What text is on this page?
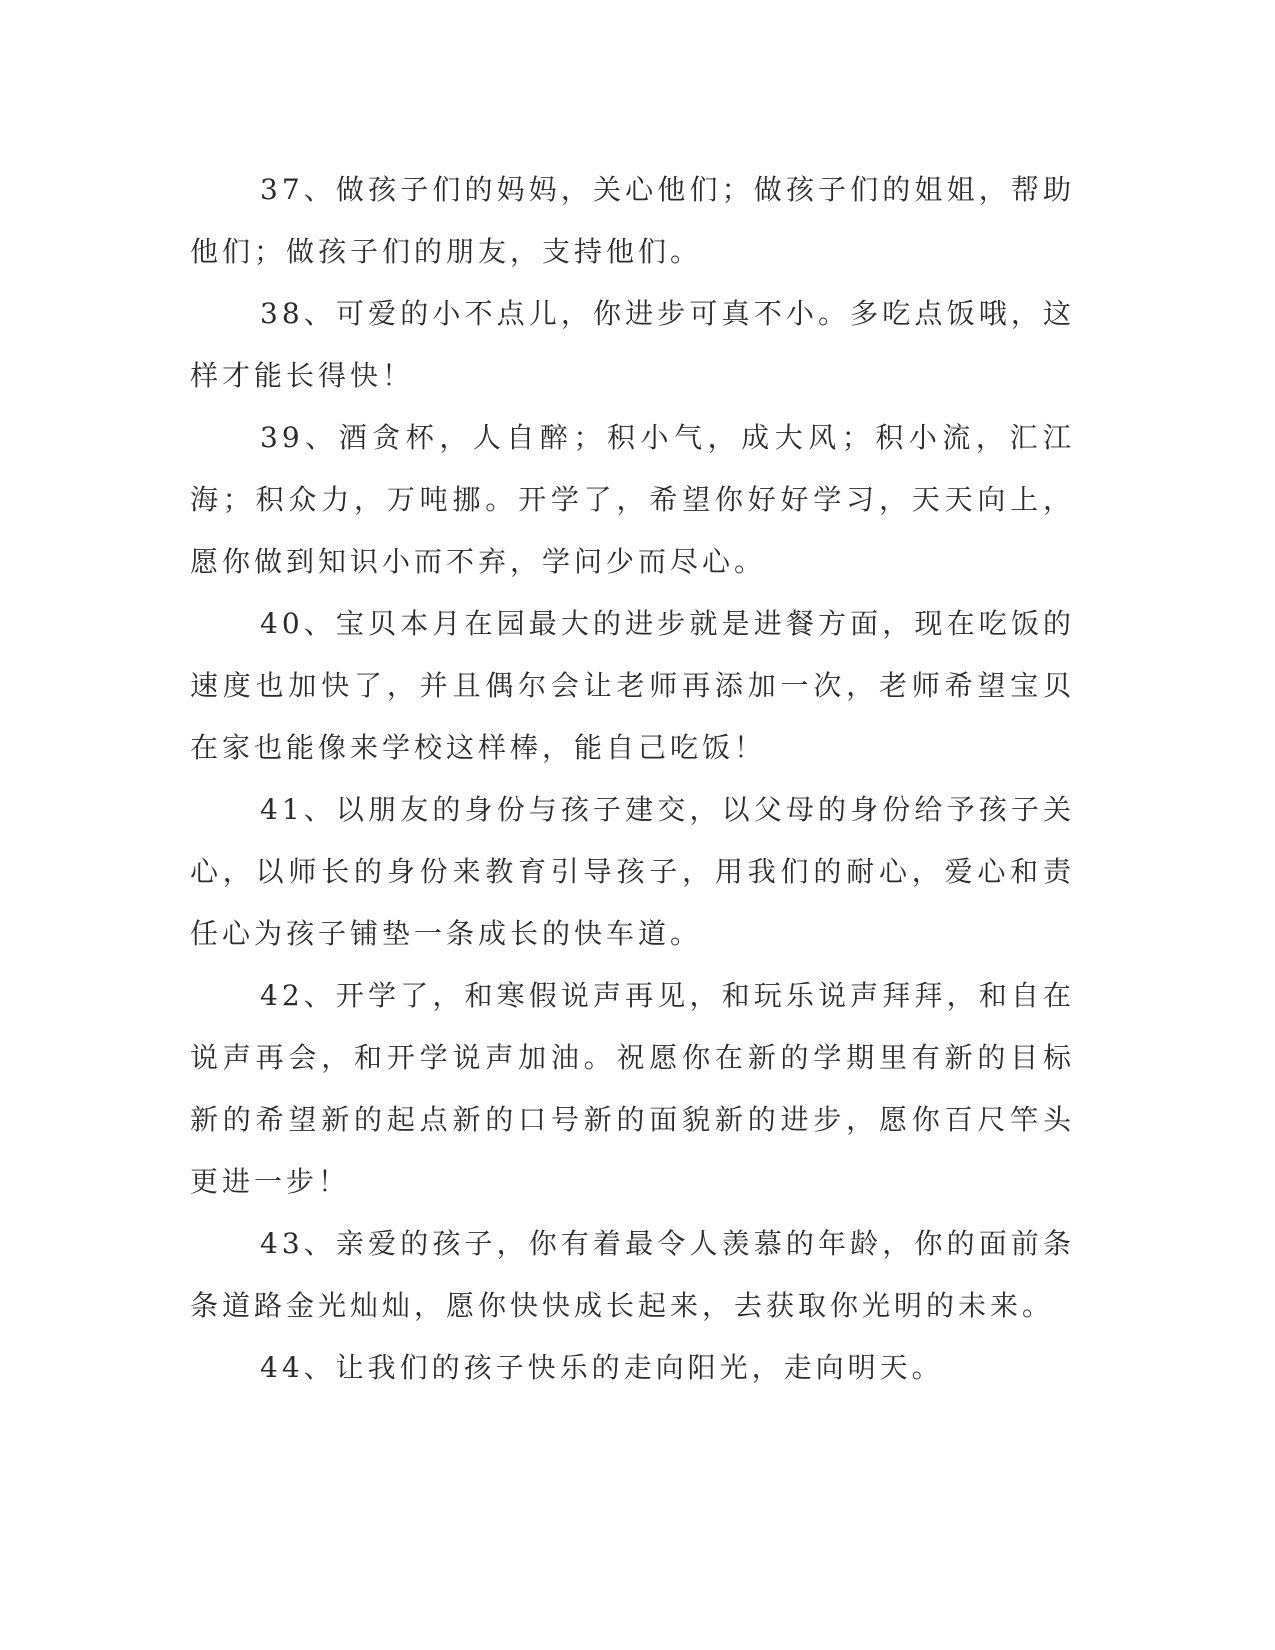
37、做孩子们的妈妈，关心他们；做孩子们的姐姐，帮助他们；做孩子们的朋友，支持他们。

38、可爱的小不点儿，你进步可真不小。多吃点饭哦，这样才能长得快！

39、酒贪杯，人自醉；积小气，成大风；积小流，汇江海；积众力，万吨挪。开学了，希望你好好学习，天天向上，愿你做到知识小而不弃，学问少而尽心。

40、宝贝本月在园最大的进步就是进餐方面，现在吃饭的速度也加快了，并且偶尔会让老师再添加一次，老师希望宝贝在家也能像来学校这样棒，能自己吃饭！

41、以朋友的身份与孩子建交，以父母的身份给予孩子关心，以师长的身份来教育引导孩子，用我们的耐心，爱心和责任心为孩子铺垫一条成长的快车道。

42、开学了，和寒假说声再见，和玩乐说声拜拜，和自在说声再会，和开学说声加油。祝愿你在新的学期里有新的目标新的希望新的起点新的口号新的面貌新的进步，愿你百尺竿头更进一步！

43、亲爱的孩子，你有着最令人羡慕的年龄，你的面前条条道路金光灿灿，愿你快快成长起来，去获取你光明的未来。

44、让我们的孩子快乐的走向阳光，走向明天。
